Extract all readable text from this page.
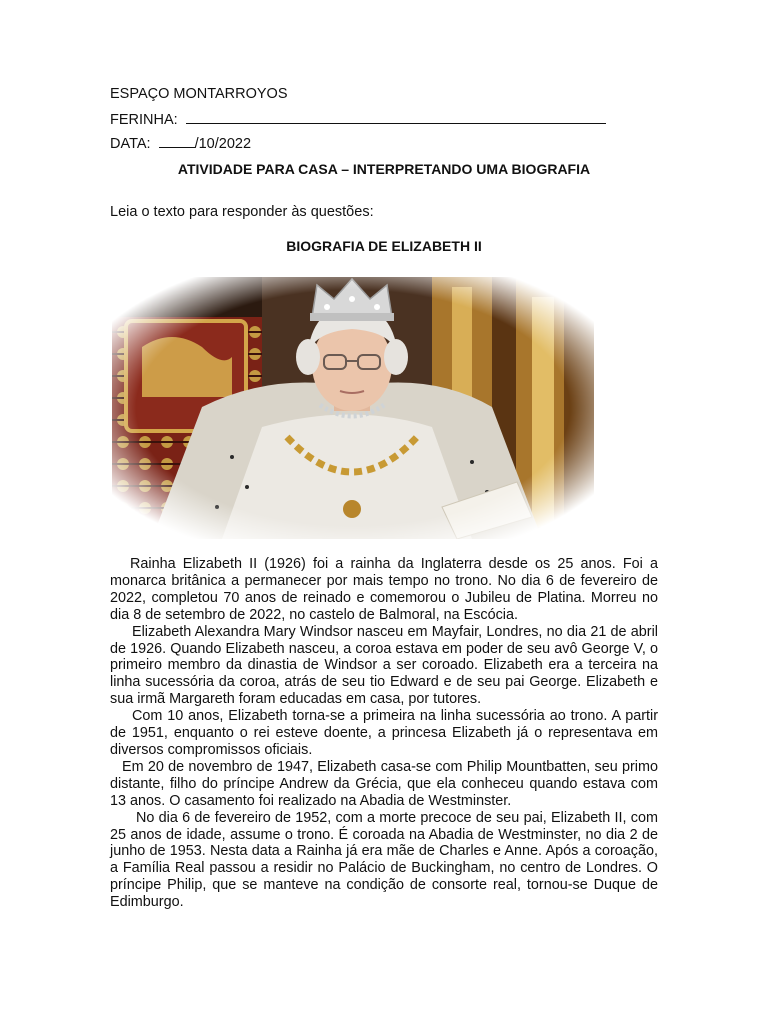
ESPAÇO MONTARROYOS
FERINHA:
DATA:	/10/2022
ATIVIDADE PARA CASA – INTERPRETANDO UMA BIOGRAFIA
Leia o texto para responder às questões:
BIOGRAFIA DE ELIZABETH II

Rainha Elizabeth II (1926) foi a rainha da Inglaterra desde os 25 anos. Foi a monarca britânica a permanecer por mais tempo no trono. No dia 6 de fevereiro de 2022, completou 70 anos de reinado e comemorou o Jubileu de Platina. Morreu no dia 8 de setembro de 2022, no castelo de Balmoral, na Escócia.

Elizabeth Alexandra Mary Windsor nasceu em Mayfair, Londres, no dia 21 de abril de 1926. Quando Elizabeth nasceu, a coroa estava em poder de seu avô George V, o primeiro membro da dinastia de Windsor a ser coroado. Elizabeth era a terceira na linha sucessória da coroa, atrás de seu tio Edward e de seu pai George. Elizabeth e sua irmã Margareth foram educadas em casa, por tutores.

Com 10 anos, Elizabeth torna-se a primeira na linha sucessória ao trono. A partir de 1951, enquanto o rei esteve doente, a princesa Elizabeth já o representava em diversos compromissos oficiais.

Em 20 de novembro de 1947, Elizabeth casa-se com Philip Mountbatten, seu primo distante, filho do príncipe Andrew da Grécia, que ela conheceu quando estava com 13 anos. O casamento foi realizado na Abadia de Westminster.

No dia 6 de fevereiro de 1952, com a morte precoce de seu pai, Elizabeth II, com 25 anos de idade, assume o trono. É coroada na Abadia de Westminster, no dia 2 de junho de 1953. Nesta data a Rainha já era mãe de Charles e Anne. Após a coroação, a Família Real passou a residir no Palácio de Buckingham, no centro de Londres. O príncipe Philip, que se manteve na condição de consorte real, tornou-se Duque de Edimburgo.
